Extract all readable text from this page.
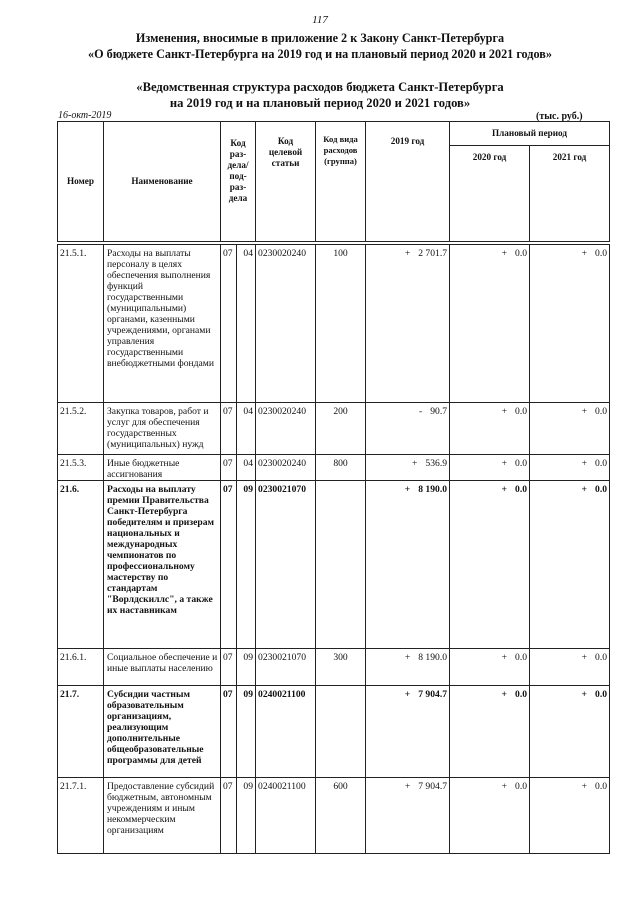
117
Изменения, вносимые в приложение 2 к Закону Санкт-Петербурга
«О бюджете Санкт-Петербурга на 2019 год и на плановый период 2020 и 2021 годов»
«Ведомственная структура расходов бюджета Санкт-Петербурга
на 2019 год и на плановый период 2020 и 2021 годов»
16-окт-2019	(тыс. руб.)
Номер	Наименование	Код раз-дела/ под-раз-дела		Код целевой статьи	Код вида расходов (группа)	2019 год	Плановый период	
							2020 год	2021 год

21.5.1.	Расходы на выплаты персоналу в целях обеспечения выполнения функций государственными (муниципальными) органами, казенными учреждениями, органами управления государственными внебюджетными фондами	07	04	0230020240	100	+ 2 701.7	+ 0.0	+ 0.0
21.5.2.	Закупка товаров, работ и услуг для обеспечения государственных (муниципальных) нужд	07	04	0230020240	200	- 90.7	+ 0.0	+ 0.0
21.5.3.	Иные бюджетные ассигнования	07	04	0230020240	800	+ 536.9	+ 0.0	+ 0.0
21.6.	Расходы на выплату премии Правительства Санкт-Петербурга победителям и призерам национальных и международных чемпионатов по профессиональному мастерству по стандартам "Ворлдскиллс", а также их наставникам	07	09	0230021070		+ 8 190.0	+ 0.0	+ 0.0
21.6.1.	Социальное обеспечение и иные выплаты населению	07	09	0230021070	300	+ 8 190.0	+ 0.0	+ 0.0
21.7.	Субсидии частным образовательным организациям, реализующим дополнительные общеобразовательные программы для детей	07	09	0240021100		+ 7 904.7	+ 0.0	+ 0.0
21.7.1.	Предоставление субсидий бюджетным, автономным учреждениям и иным некоммерческим организациям	07	09	0240021100	600	+ 7 904.7	+ 0.0	+ 0.0
